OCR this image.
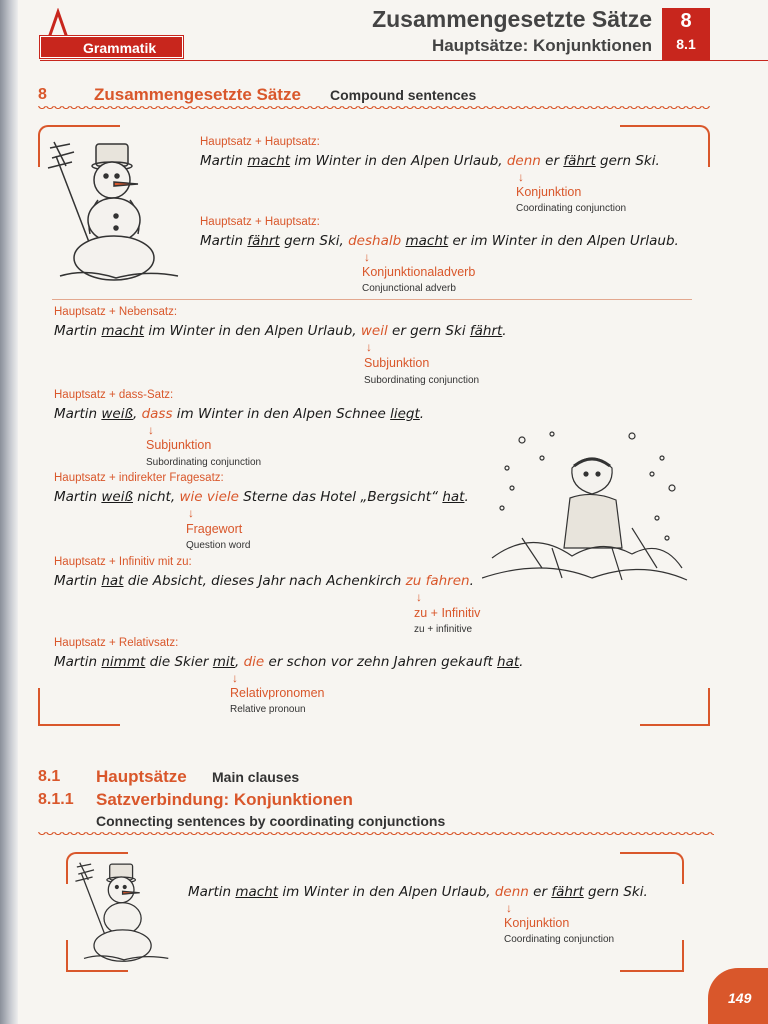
Grammatik
Zusammengesetzte Sätze
Hauptsätze: Konjunktionen
8
8.1
8	Zusammengesetzte Sätze Compound sentences
Hauptsatz + Hauptsatz:
Martin macht im Winter in den Alpen Urlaub, denn er fährt gern Ski.
↓
Konjunktion
Coordinating conjunction
Hauptsatz + Hauptsatz:
Martin fährt gern Ski, deshalb macht er im Winter in den Alpen Urlaub.
↓
Konjunktionaladverb
Conjunctional adverb
Hauptsatz + Nebensatz:
Martin macht im Winter in den Alpen Urlaub, weil er gern Ski fährt.
↓
Subjunktion
Subordinating conjunction
Hauptsatz + dass-Satz:
Martin weiß, dass im Winter in den Alpen Schnee liegt.
↓
Subjunktion
Subordinating conjunction
Hauptsatz + indirekter Fragesatz:
Martin weiß nicht, wie viele Sterne das Hotel „Bergsicht“ hat.
↓
Fragewort
Question word
Hauptsatz + Infinitiv mit zu:
Martin hat die Absicht, dieses Jahr nach Achenkirch zu fahren.
↓
zu + Infinitiv
zu + infinitive
Hauptsatz + Relativsatz:
Martin nimmt die Skier mit, die er schon vor zehn Jahren gekauft hat.
↓
Relativpronomen
Relative pronoun
8.1 Hauptsätze Main clauses
8.1.1 Satzverbindung: Konjunktionen
Connecting sentences by coordinating conjunctions
Martin macht im Winter in den Alpen Urlaub, denn er fährt gern Ski.
↓
Konjunktion
Coordinating conjunction
149
